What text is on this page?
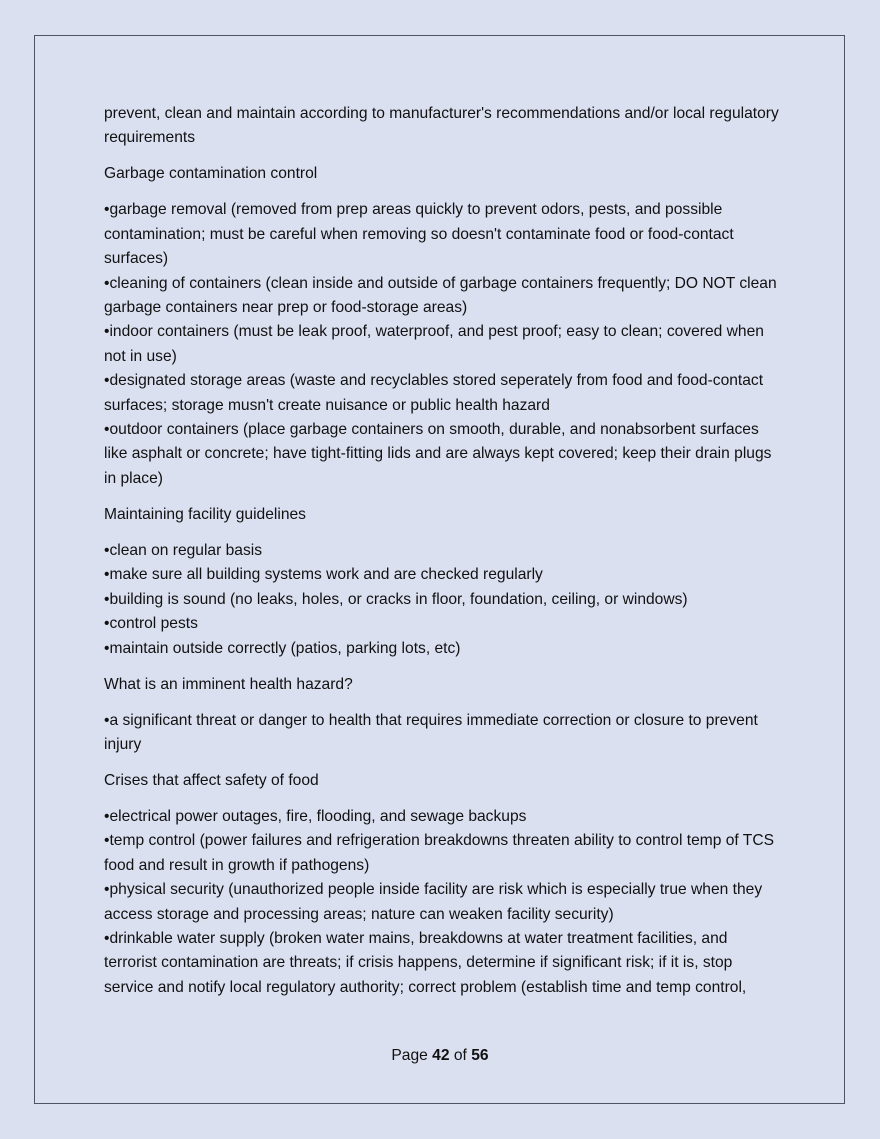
prevent, clean and maintain according to manufacturer's recommendations and/or local regulatory requirements

Garbage contamination control

• garbage removal (removed from prep areas quickly to prevent odors, pests, and possible contamination; must be careful when removing so doesn't contaminate food or food-contact surfaces)
• cleaning of containers (clean inside and outside of garbage containers frequently; DO NOT clean garbage containers near prep or food-storage areas)
• indoor containers (must be leak proof, waterproof, and pest proof; easy to clean; covered when not in use)
• designated storage areas (waste and recyclables stored seperately from food and food-contact surfaces; storage musn't create nuisance or public health hazard
• outdoor containers (place garbage containers on smooth, durable, and nonabsorbent surfaces like asphalt or concrete; have tight-fitting lids and are always kept covered; keep their drain plugs in place)

Maintaining facility guidelines

• clean on regular basis
• make sure all building systems work and are checked regularly
• building is sound (no leaks, holes, or cracks in floor, foundation, ceiling, or windows)
• control pests
• maintain outside correctly (patios, parking lots, etc)

What is an imminent health hazard?

• a significant threat or danger to health that requires immediate correction or closure to prevent injury

Crises that affect safety of food

• electrical power outages, fire, flooding, and sewage backups
• temp control (power failures and refrigeration breakdowns threaten ability to control temp of TCS food and result in growth if pathogens)
• physical security (unauthorized people inside facility are risk which is especially true when they access storage and processing areas; nature can weaken facility security)
• drinkable water supply (broken water mains, breakdowns at water treatment facilities, and terrorist contamination are threats; if crisis happens, determine if significant risk; if it is, stop service and notify local regulatory authority; correct problem (establish time and temp control,
Page 42 of 56
